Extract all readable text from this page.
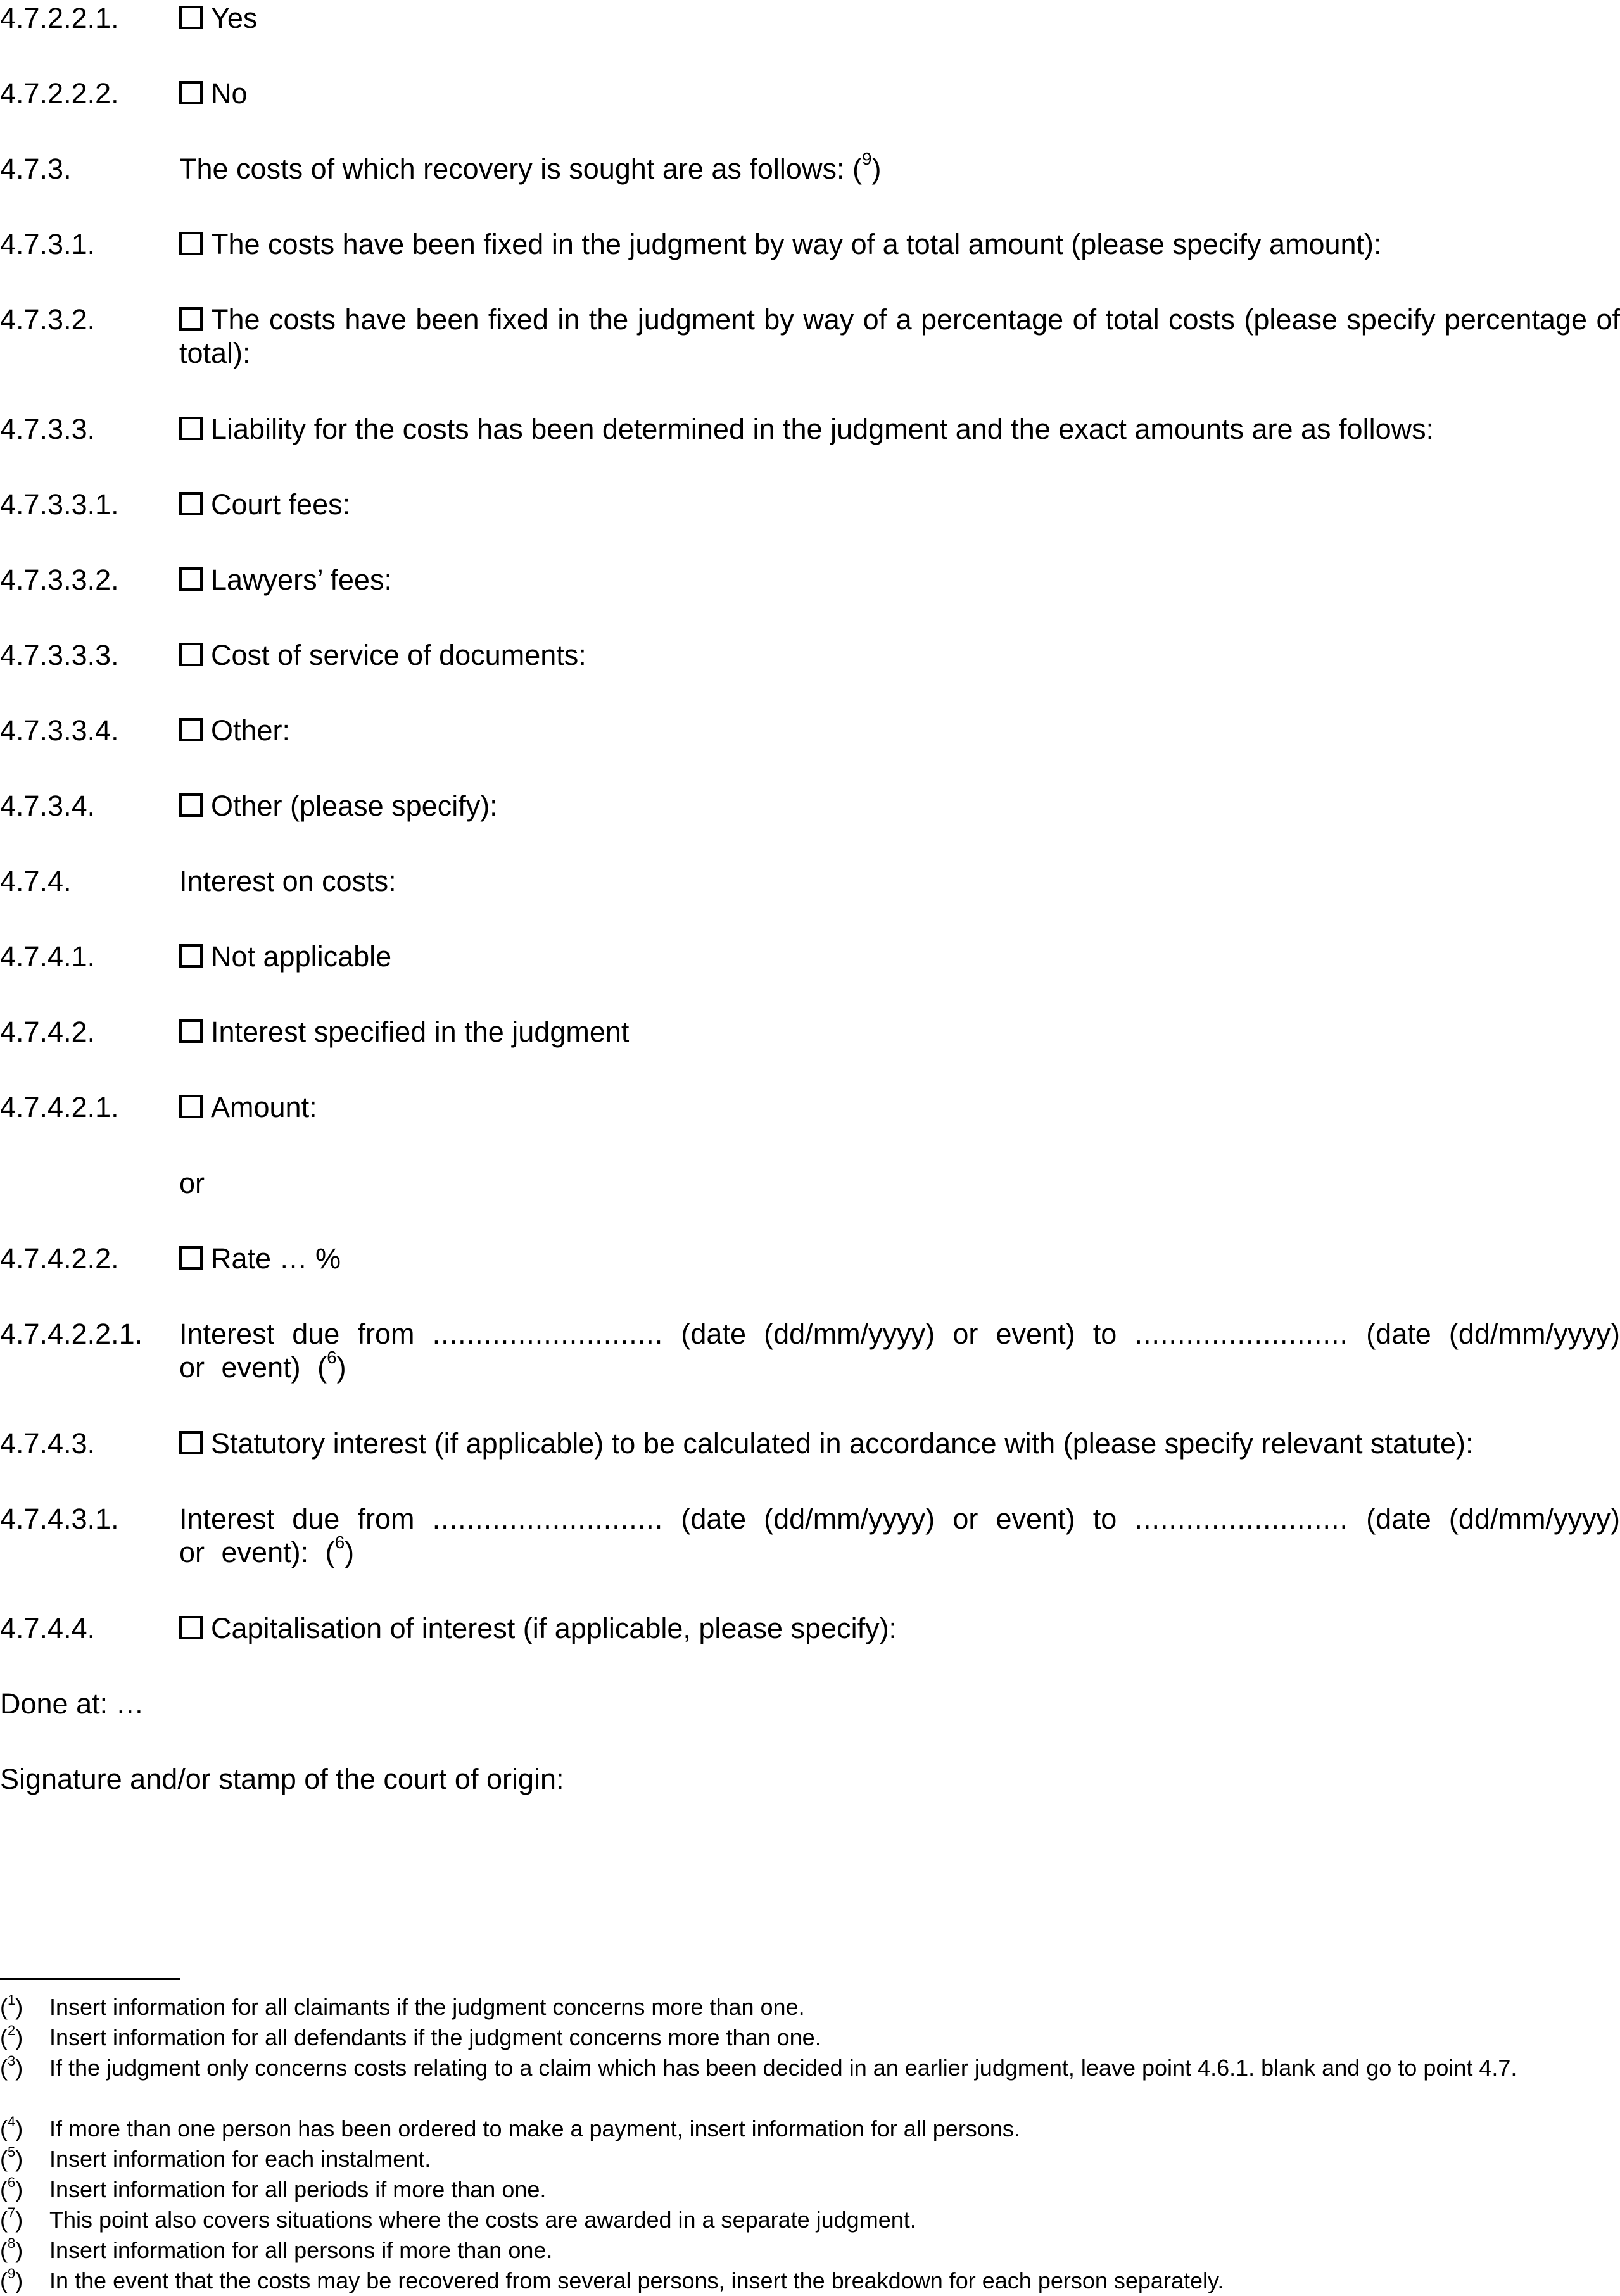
4.7.2.2.1.	Yes
4.7.2.2.2.	No
4.7.3.	The costs of which recovery is sought are as follows: ($^9$)
4.7.3.1.	The costs have been fixed in the judgment by way of a total amount (please specify amount):
4.7.3.2.	The costs have been fixed in the judgment by way of a percentage of total costs (please specify percentage of total):
4.7.3.3.	Liability for the costs has been determined in the judgment and the exact amounts are as follows:
4.7.3.3.1.	Court fees:
4.7.3.3.2.	Lawyers’ fees:
4.7.3.3.3.	Cost of service of documents:
4.7.3.3.4.	Other:
4.7.3.4.	Other (please specify):
4.7.4.	Interest on costs:
4.7.4.1.	Not applicable
4.7.4.2.	Interest specified in the judgment
4.7.4.2.1.	Amount:
or
4.7.4.2.2.	Rate … %
4.7.4.2.2.1. Interest due from ........................... (date (dd/mm/yyyy) or event) to ......................... (date (dd/mm/yyyy) or event) ($^6$)
4.7.4.3.	Statutory interest (if applicable) to be calculated in accordance with (please specify relevant statute):
4.7.4.3.1. Interest due from ........................... (date (dd/mm/yyyy) or event) to ......................... (date (dd/mm/yyyy) or event): ($^6$)
4.7.4.4.	Capitalisation of interest (if applicable, please specify):
Done at: …
Signature and/or stamp of the court of origin:
($^1$) Insert information for all claimants if the judgment concerns more than one.
($^2$) Insert information for all defendants if the judgment concerns more than one.
($^3$) If the judgment only concerns costs relating to a claim which has been decided in an earlier judgment, leave point 4.6.1. blank and go to point 4.7.
($^4$) If more than one person has been ordered to make a payment, insert information for all persons.
($^5$) Insert information for each instalment.
($^6$) Insert information for all periods if more than one.
($^7$) This point also covers situations where the costs are awarded in a separate judgment.
($^8$) Insert information for all persons if more than one.
($^9$) In the event that the costs may be recovered from several persons, insert the breakdown for each person separately.
